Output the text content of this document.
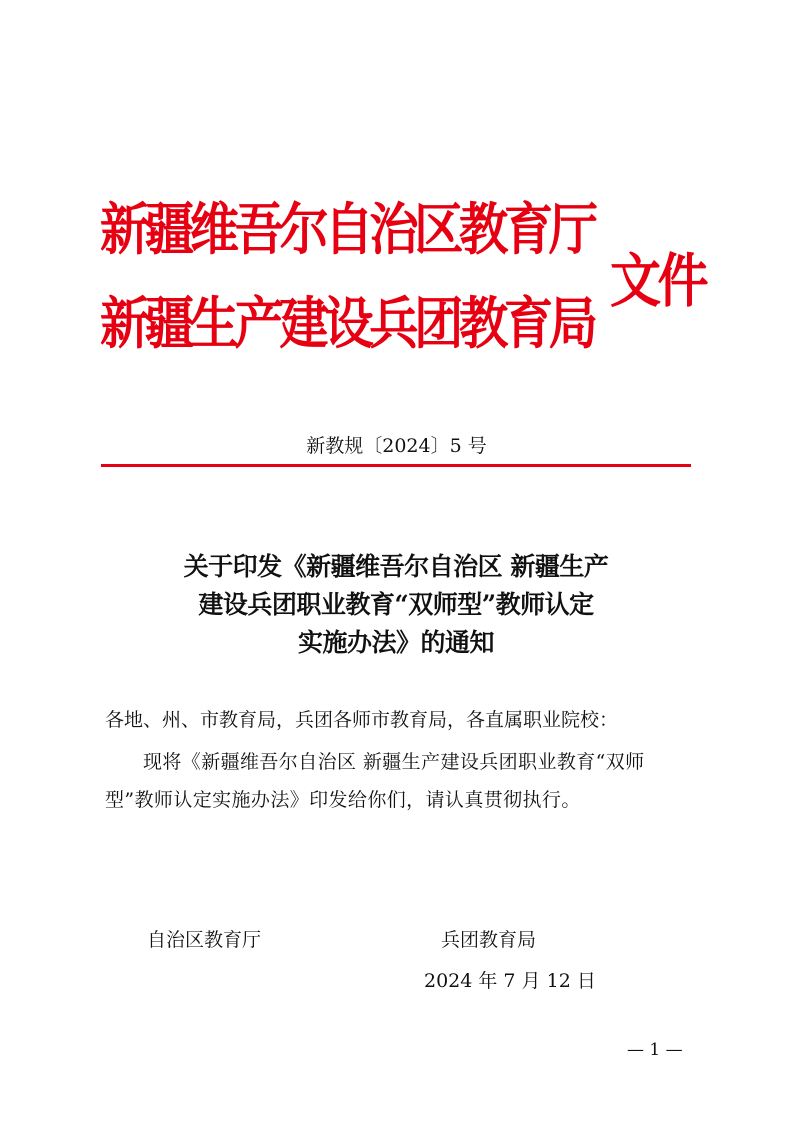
新疆维吾尔自治区教育厅
新疆生产建设兵团教育局
文件
新教规〔2024〕5 号
关于印发《新疆维吾尔自治区 新疆生产
建设兵团职业教育“双师型”教师认定
实施办法》的通知
各地、州、市教育局，兵团各师市教育局，各直属职业院校：
现将《新疆维吾尔自治区 新疆生产建设兵团职业教育“双师型”教师认定实施办法》印发给你们，请认真贯彻执行。
自治区教育厅	兵团教育局
2024 年 7 月 12 日
— 1 —
